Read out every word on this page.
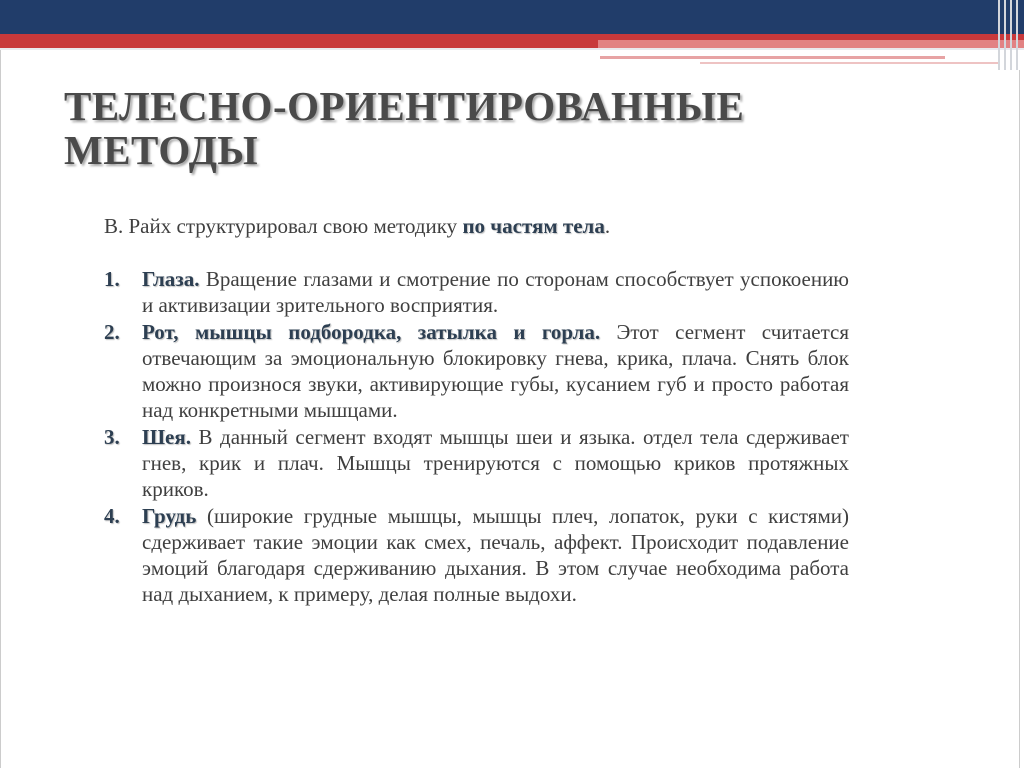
ТЕЛЕСНО-ОРИЕНТИРОВАННЫЕ МЕТОДЫ

В. Райх структурировал свою методику по частям тела.

1. Глаза. Вращение глазами и смотрение по сторонам способствует успокоению и активизации зрительного восприятия.
2. Рот, мышцы подбородка, затылка и горла. Этот сегмент считается отвечающим за эмоциональную блокировку гнева, крика, плача. Снять блок можно произнося звуки, активирующие губы, кусанием губ и просто работая над конкретными мышцами.
3. Шея. В данный сегмент входят мышцы шеи и языка. отдел тела сдерживает гнев, крик и плач. Мышцы тренируются с помощью криков протяжных криков.
4. Грудь (широкие грудные мышцы, мышцы плеч, лопаток, руки с кистями) сдерживает такие эмоции как смех, печаль, аффект. Происходит подавление эмоций благодаря сдерживанию дыхания. В этом случае необходима работа над дыханием, к примеру, делая полные выдохи.
